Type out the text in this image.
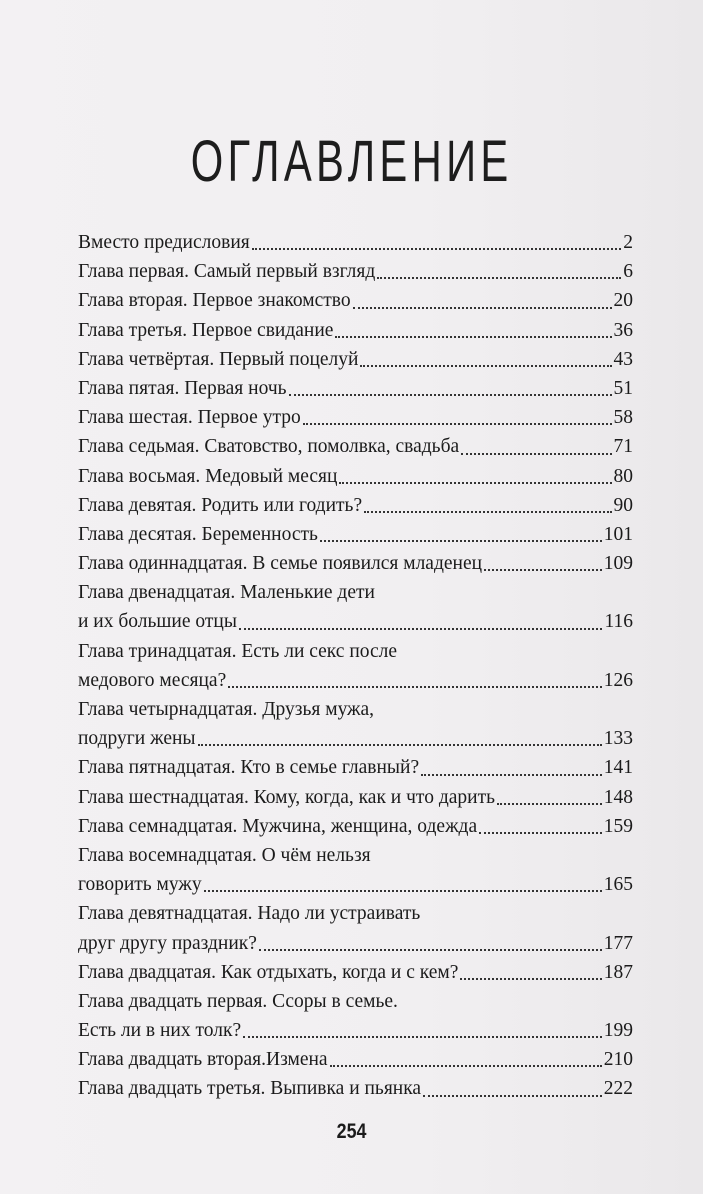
ОГЛАВЛЕНИЕ
Вместо предисловия	2
Глава первая. Самый первый взгляд	6
Глава вторая. Первое знакомство	20
Глава третья. Первое свидание	36
Глава четвёртая. Первый поцелуй	43
Глава пятая. Первая ночь	51
Глава шестая. Первое утро	58
Глава седьмая. Сватовство, помолвка, свадьба	71
Глава восьмая. Медовый месяц	80
Глава девятая. Родить или годить?	90
Глава десятая. Беременность	101
Глава одиннадцатая. В семье появился младенец	109
Глава двенадцатая. Маленькие дети
и их большие отцы	116
Глава тринадцатая. Есть ли секс после
медового месяца?	126
Глава четырнадцатая. Друзья мужа,
подруги жены	133
Глава пятнадцатая. Кто в семье главный?	141
Глава шестнадцатая. Кому, когда, как и что дарить	148
Глава семнадцатая. Мужчина, женщина, одежда	159
Глава восемнадцатая. О чём нельзя
говорить мужу	165
Глава девятнадцатая. Надо ли устраивать
друг другу праздник?	177
Глава двадцатая. Как отдыхать, когда и с кем?	187
Глава двадцать первая. Ссоры в семье.
Есть ли в них толк?	199
Глава двадцать вторая.Измена	210
Глава двадцать третья. Выпивка и пьянка	222
254
